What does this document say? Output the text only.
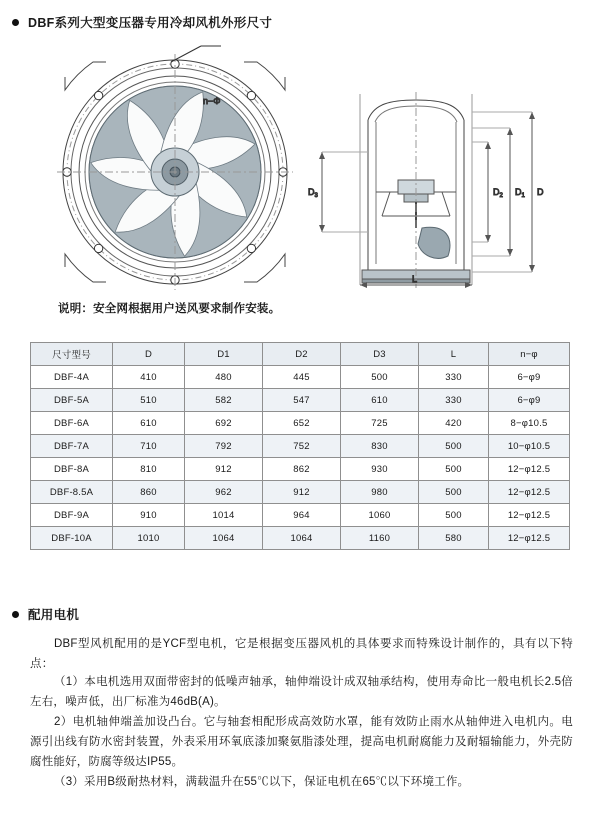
DBF系列大型变压器专用冷却风机外形尺寸
n−Φ
$D_3$	$D_2$ $D_1$ D
L
说明：安全网根据用户送风要求制作安装。
尺寸型号	D	D1	D2	D3	L	n−φ
DBF-4A	410	480	445	500	330	6−φ9
DBF-5A	510	582	547	610	330	6−φ9
DBF-6A	610	692	652	725	420	8−φ10.5
DBF-7A	710	792	752	830	500	10−φ10.5
DBF-8A	810	912	862	930	500	12−φ12.5
DBF-8.5A	860	962	912	980	500	12−φ12.5
DBF-9A	910	1014	964	1060	500	12−φ12.5
DBF-10A	1010	1064	1064	1160	580	12−φ12.5
配用电机
DBF型风机配用的是YCF型电机，它是根据变压器风机的具体要求而特殊设计制作的，具有以下特点：
（1）本电机选用双面带密封的低噪声轴承，轴伸端设计成双轴承结构，使用寿命比一般电机长2.5倍左右，噪声低，出厂标准为46dB(A)。
2）电机轴伸端盖加设凸台。它与轴套相配形成高效防水罩，能有效防止雨水从轴伸进入电机内。电源引出线有防水密封装置，外表采用环氧底漆加聚氨脂漆处理，提高电机耐腐能力及耐辐输能力，外壳防腐性能好，防腐等级达IP55。
（3）采用B级耐热材料，满载温升在55℃以下，保证电机在65℃以下环境工作。
